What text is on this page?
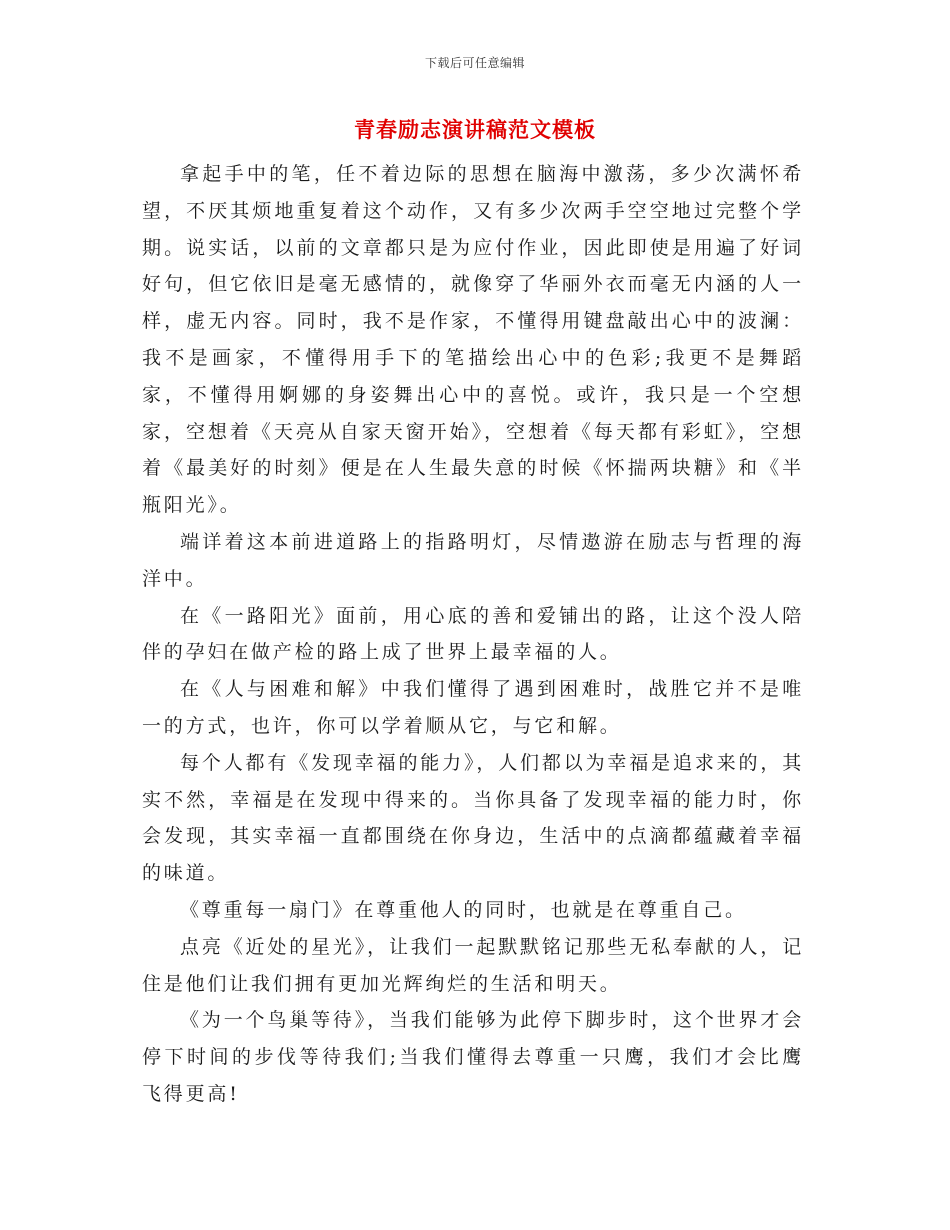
下载后可任意编辑
青春励志演讲稿范文模板

拿起手中的笔，任不着边际的思想在脑海中激荡，多少次满怀希望，不厌其烦地重复着这个动作，又有多少次两手空空地过完整个学期。说实话，以前的文章都只是为应付作业，因此即使是用遍了好词好句，但它依旧是毫无感情的，就像穿了华丽外衣而毫无内涵的人一样，虚无内容。同时，我不是作家，不懂得用键盘敲出心中的波澜：我不是画家，不懂得用手下的笔描绘出心中的色彩;我更不是舞蹈家，不懂得用婀娜的身姿舞出心中的喜悦。或许，我只是一个空想家，空想着《天亮从自家天窗开始》，空想着《每天都有彩虹》，空想着《最美好的时刻》便是在人生最失意的时候《怀揣两块糖》和《半瓶阳光》。

端详着这本前进道路上的指路明灯，尽情遨游在励志与哲理的海洋中。

在《一路阳光》面前，用心底的善和爱铺出的路，让这个没人陪伴的孕妇在做产检的路上成了世界上最幸福的人。

在《人与困难和解》中我们懂得了遇到困难时，战胜它并不是唯一的方式，也许，你可以学着顺从它，与它和解。

每个人都有《发现幸福的能力》，人们都以为幸福是追求来的，其实不然，幸福是在发现中得来的。当你具备了发现幸福的能力时，你会发现，其实幸福一直都围绕在你身边，生活中的点滴都蕴藏着幸福的味道。

《尊重每一扇门》在尊重他人的同时，也就是在尊重自己。

点亮《近处的星光》，让我们一起默默铭记那些无私奉献的人，记住是他们让我们拥有更加光辉绚烂的生活和明天。

《为一个鸟巢等待》，当我们能够为此停下脚步时，这个世界才会停下时间的步伐等待我们;当我们懂得去尊重一只鹰，我们才会比鹰飞得更高!
